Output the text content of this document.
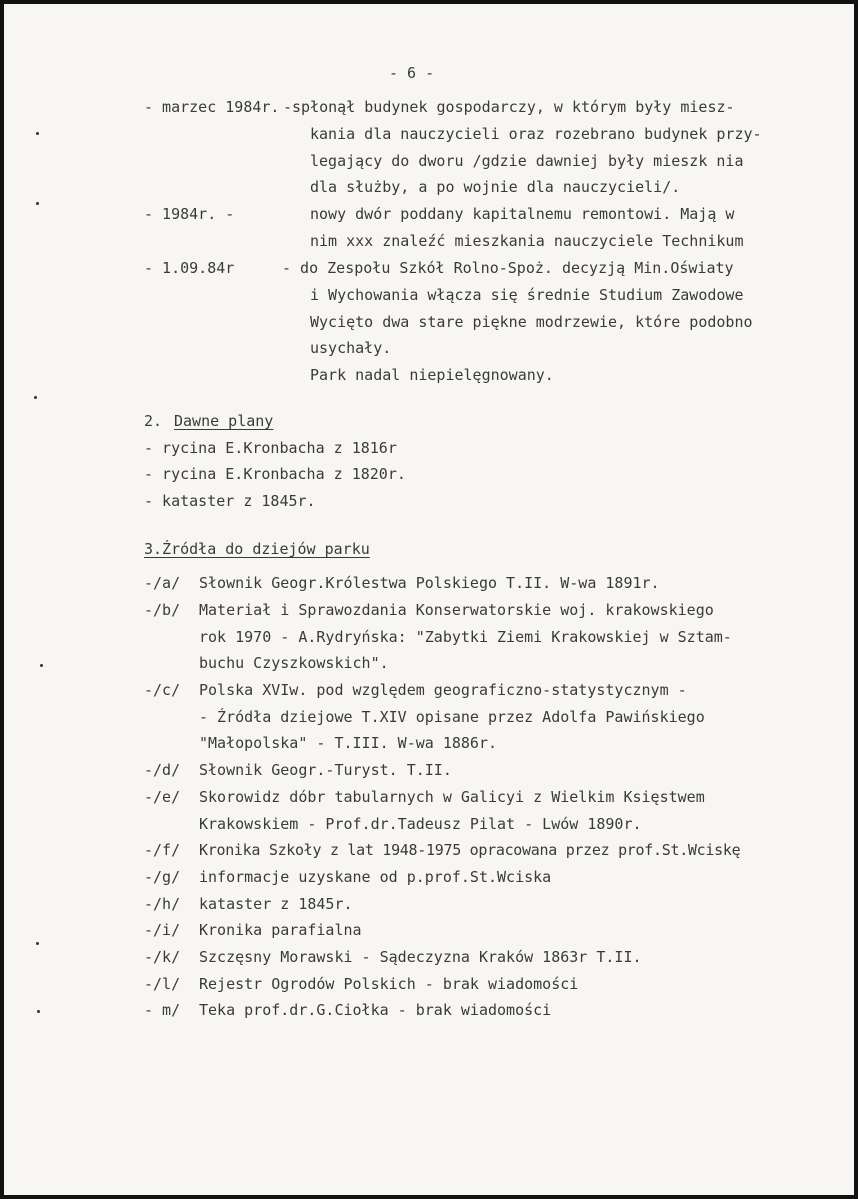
- 6 -
- marzec 1984r. -spłonął budynek gospodarczy, w którym były miesz-
kania dla nauczycieli oraz rozebrano budynek przy-
legający do dworu /gdzie dawniej były mieszk nia
dla służby, a po wojnie dla nauczycieli/.
- 1984r. -	nowy dwór poddany kapitalnemu remontowi. Mają w
nim xxx znaleźć mieszkania nauczyciele Technikum
- 1.09.84r	- do Zespołu Szkół Rolno-Spoż. decyzją Min.Oświaty
i Wychowania włącza się średnie Studium Zawodowe
Wycięto dwa stare piękne modrzewie, które podobno
usychały.
Park nadal niepielęgnowany.
2. Dawne plany
- rycina E.Kronbacha z 1816r
- rycina E.Kronbacha z 1820r.
- kataster z 1845r.
3.Źródła do dziejów parku
-/a/ Słownik Geogr.Królestwa Polskiego T.II. W-wa 1891r.
-/b/ Materiał i Sprawozdania Konserwatorskie woj. krakowskiego
rok 1970 - A.Rydryńska: "Zabytki Ziemi Krakowskiej w Sztam-
buchu Czyszkowskich".
-/c/ Polska XVIw. pod względem geograficzno-statystycznym -
- Źródła dziejowe T.XIV opisane przez Adolfa Pawińskiego
"Małopolska" - T.III. W-wa 1886r.
-/d/ Słownik Geogr.-Turyst. T.II.
-/e/ Skorowidz dóbr tabularnych w Galicyi z Wielkim Księstwem
Krakowskiem - Prof.dr.Tadeusz Pilat - Lwów 1890r.
-/f/ Kronika Szkoły z lat 1948-1975 opracowana przez prof.St.Wciskę
-/g/ informacje uzyskane od p.prof.St.Wciska
-/h/ kataster z 1845r.
-/i/ Kronika parafialna
-/k/ Szczęsny Morawski - Sądeczyzna Kraków 1863r T.II.
-/l/ Rejestr Ogrodów Polskich - brak wiadomości
- m/ Teka prof.dr.G.Ciołka - brak wiadomości
